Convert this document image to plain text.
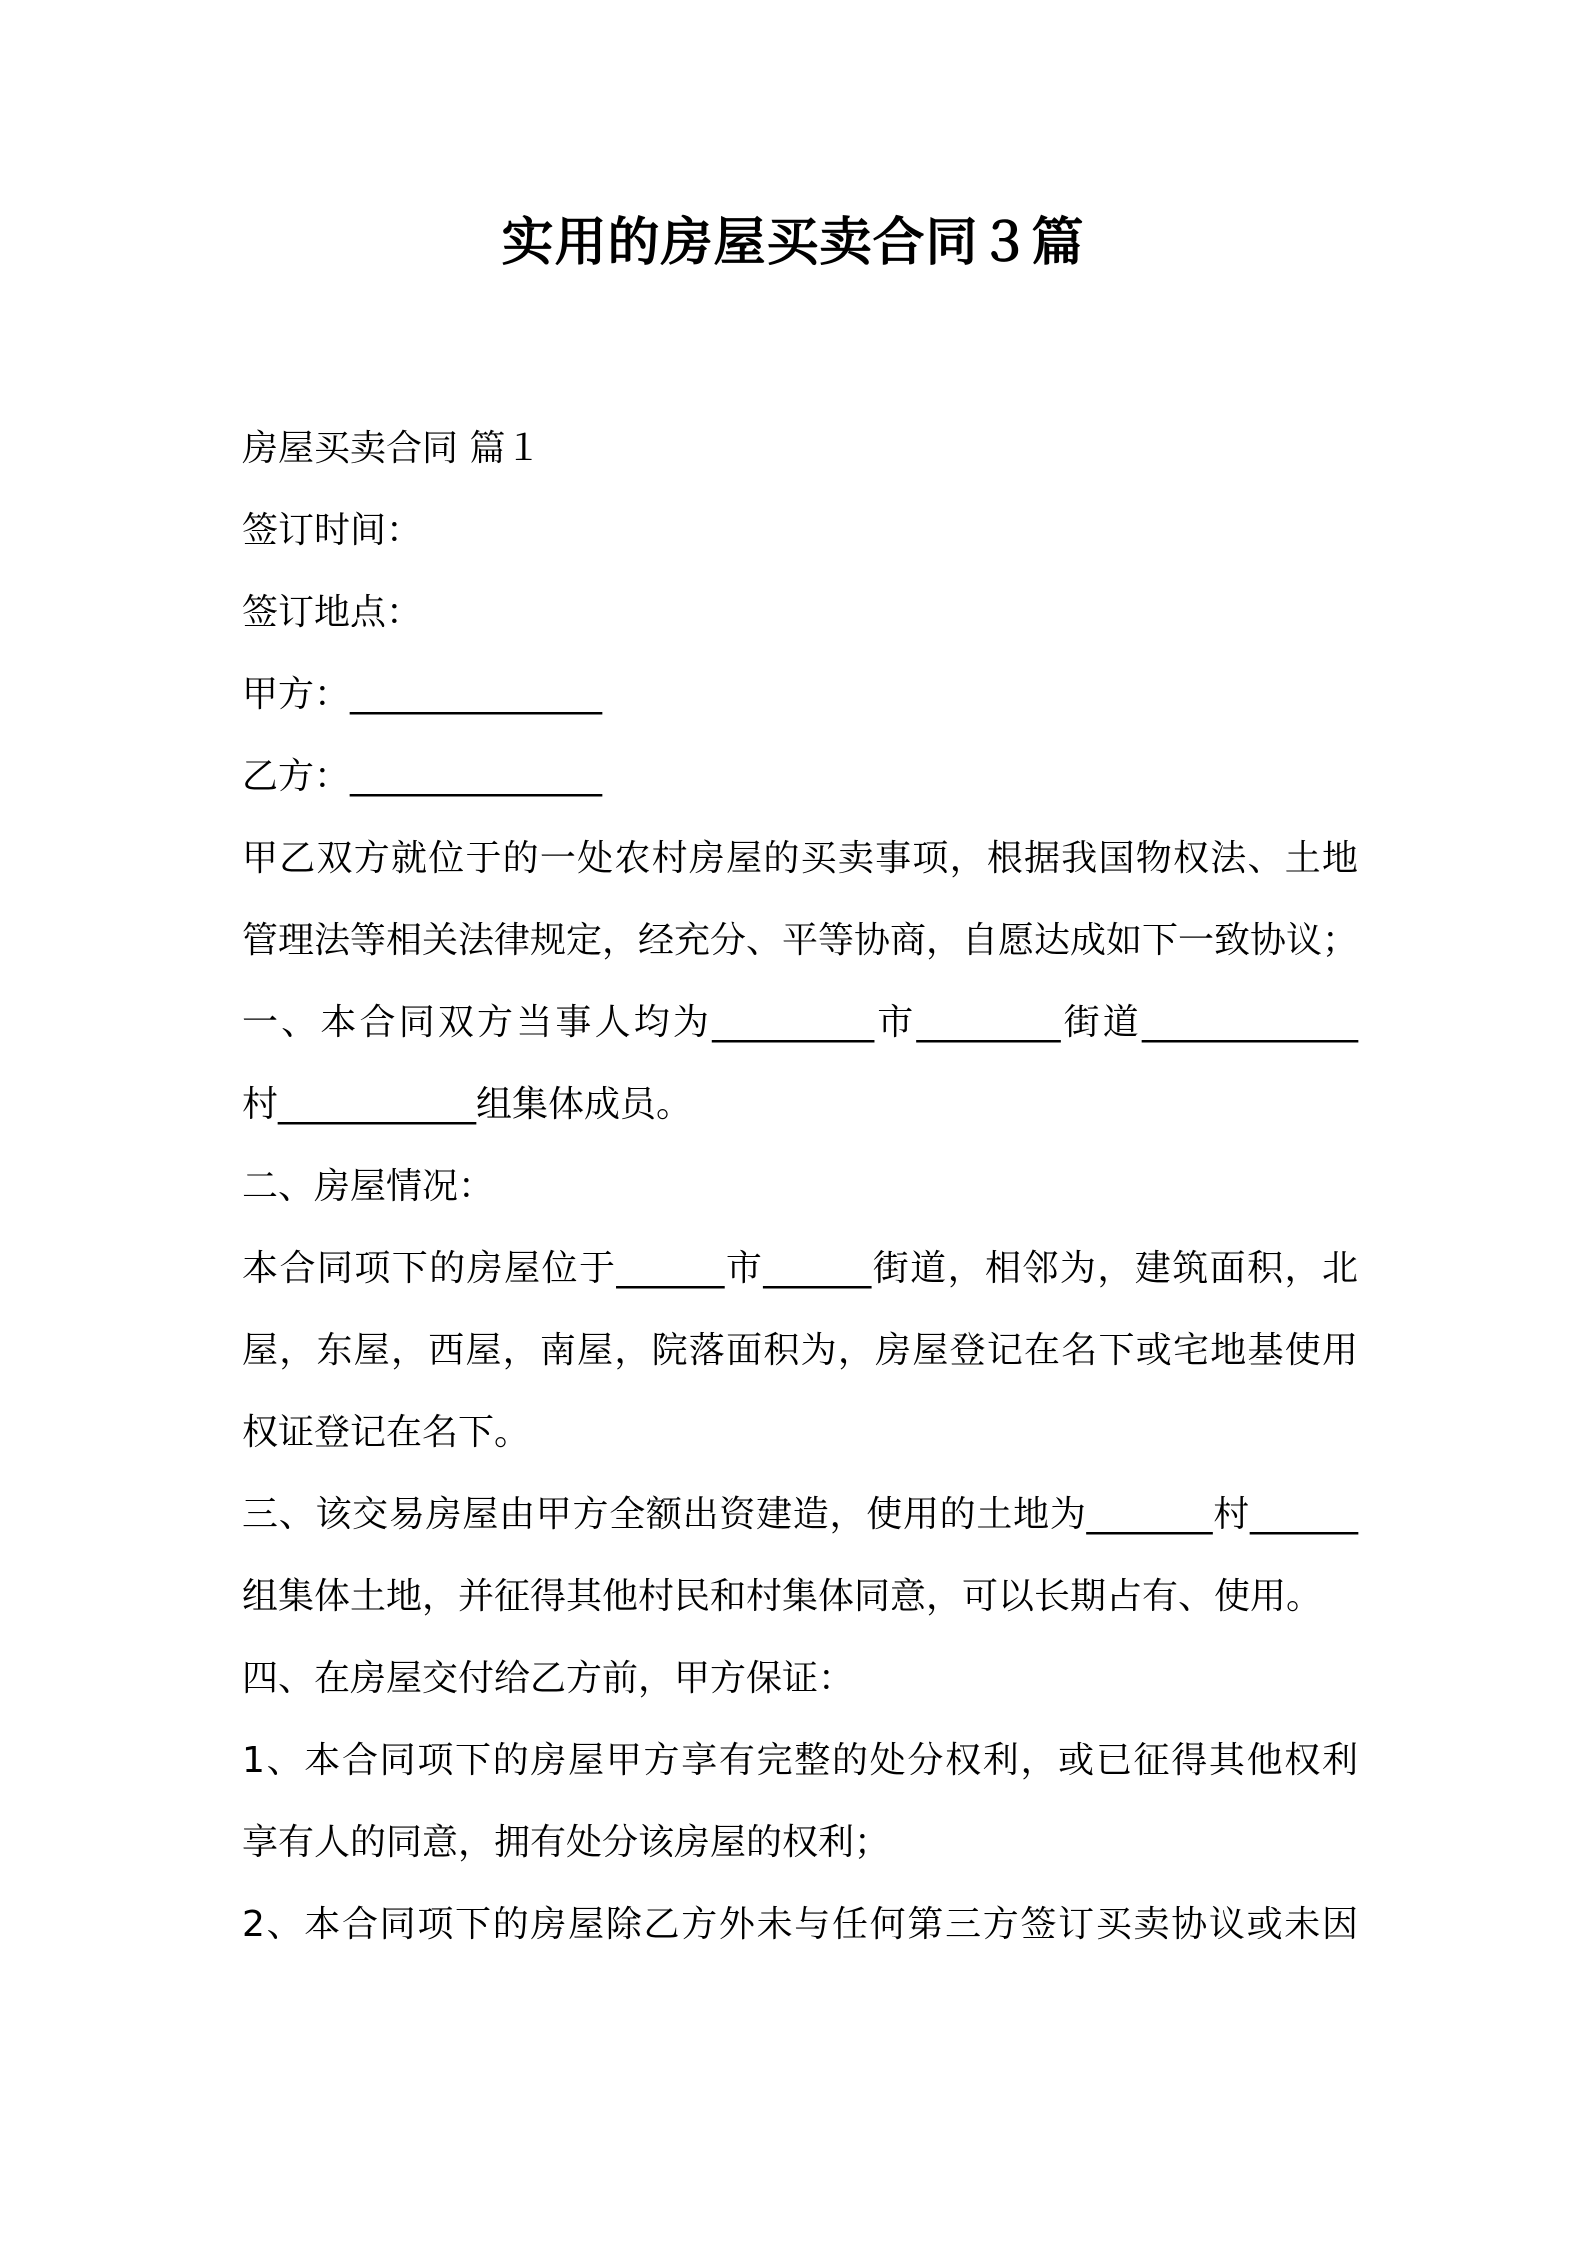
实用的房屋买卖合同３篇
房屋买卖合同 篇１
签订时间：
签订地点：
甲方：______________
乙方：______________
甲乙双方就位于的一处农村房屋的买卖事项，根据我国物权法、土地
管理法等相关法律规定，经充分、平等协商，自愿达成如下一致协议；
一、本合同双方当事人均为_________市________街道____________
村___________组集体成员。
二、房屋情况：
本合同项下的房屋位于______市______街道，相邻为，建筑面积，北
屋，东屋，西屋，南屋，院落面积为，房屋登记在名下或宅地基使用
权证登记在名下。
三、该交易房屋由甲方全额出资建造，使用的土地为_______村______
组集体土地，并征得其他村民和村集体同意，可以长期占有、使用。
四、在房屋交付给乙方前，甲方保证：
1、本合同项下的房屋甲方享有完整的处分权利，或已征得其他权利
享有人的同意，拥有处分该房屋的权利；
2、本合同项下的房屋除乙方外未与任何第三方签订买卖协议或未因
